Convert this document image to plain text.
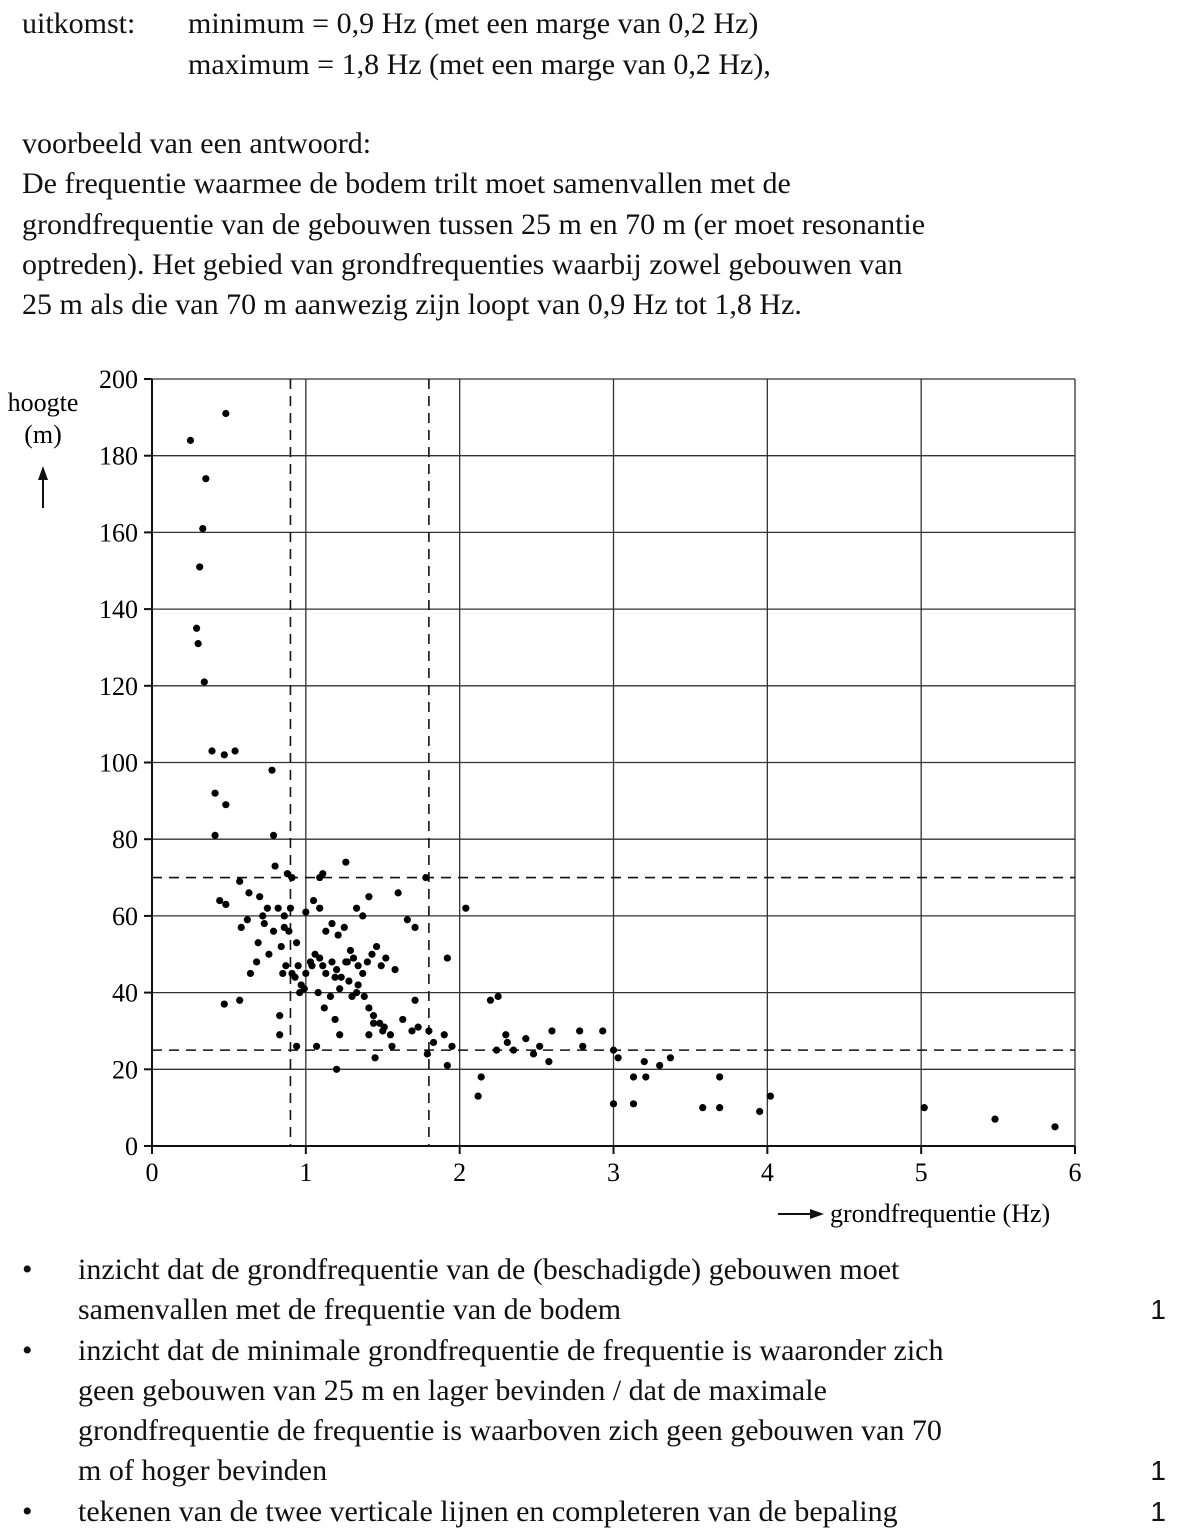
uitkomst: minimum = 0,9 Hz (met een marge van 0,2 Hz)
maximum = 1,8 Hz (met een marge van 0,2 Hz),
voorbeeld van een antwoord:
De frequentie waarmee de bodem trilt moet samenvallen met de
grondfrequentie van de gebouwen tussen 25 m en 70 m (er moet resonantie
optreden). Het gebied van grondfrequenties waarbij zowel gebouwen van
25 m als die van 70 m aanwezig zijn loopt van 0,9 Hz tot 1,8 Hz.
0
20
40
60
80
100
120
140
160
180
200
0	1	2	3	4	5	6
hoogte
(m)
grondfrequentie (Hz)
• inzicht dat de grondfrequentie van de (beschadigde) gebouwen moet
samenvallen met de frequentie van de bodem	1
• inzicht dat de minimale grondfrequentie de frequentie is waaronder zich
geen gebouwen van 25 m en lager bevinden / dat de maximale
grondfrequentie de frequentie is waarboven zich geen gebouwen van 70
m of hoger bevinden	1
• tekenen van de twee verticale lijnen en completeren van de bepaling	1
